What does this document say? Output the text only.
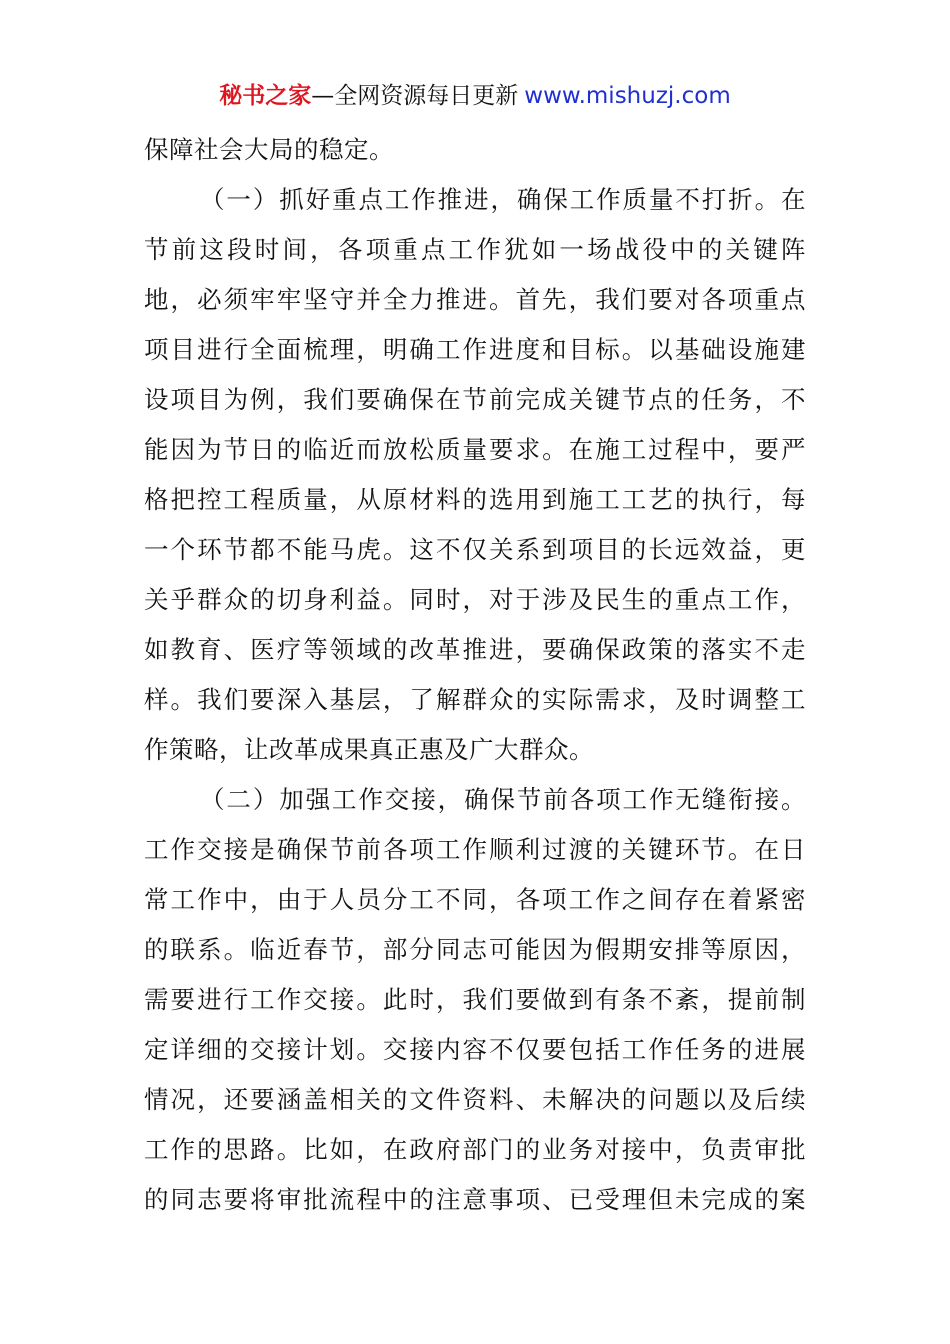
秘书之家—全网资源每日更新 www.mishuzj.com
保障社会大局的稳定。
（一）抓好重点工作推进，确保工作质量不打折。在
节前这段时间，各项重点工作犹如一场战役中的关键阵
地，必须牢牢坚守并全力推进。首先，我们要对各项重点
项目进行全面梳理，明确工作进度和目标。以基础设施建
设项目为例，我们要确保在节前完成关键节点的任务，不
能因为节日的临近而放松质量要求。在施工过程中，要严
格把控工程质量，从原材料的选用到施工工艺的执行，每
一个环节都不能马虎。这不仅关系到项目的长远效益，更
关乎群众的切身利益。同时，对于涉及民生的重点工作，
如教育、医疗等领域的改革推进，要确保政策的落实不走
样。我们要深入基层，了解群众的实际需求，及时调整工
作策略，让改革成果真正惠及广大群众。
（二）加强工作交接，确保节前各项工作无缝衔接。
工作交接是确保节前各项工作顺利过渡的关键环节。在日
常工作中，由于人员分工不同，各项工作之间存在着紧密
的联系。临近春节，部分同志可能因为假期安排等原因，
需要进行工作交接。此时，我们要做到有条不紊，提前制
定详细的交接计划。交接内容不仅要包括工作任务的进展
情况，还要涵盖相关的文件资料、未解决的问题以及后续
工作的思路。比如，在政府部门的业务对接中，负责审批
的同志要将审批流程中的注意事项、已受理但未完成的案
